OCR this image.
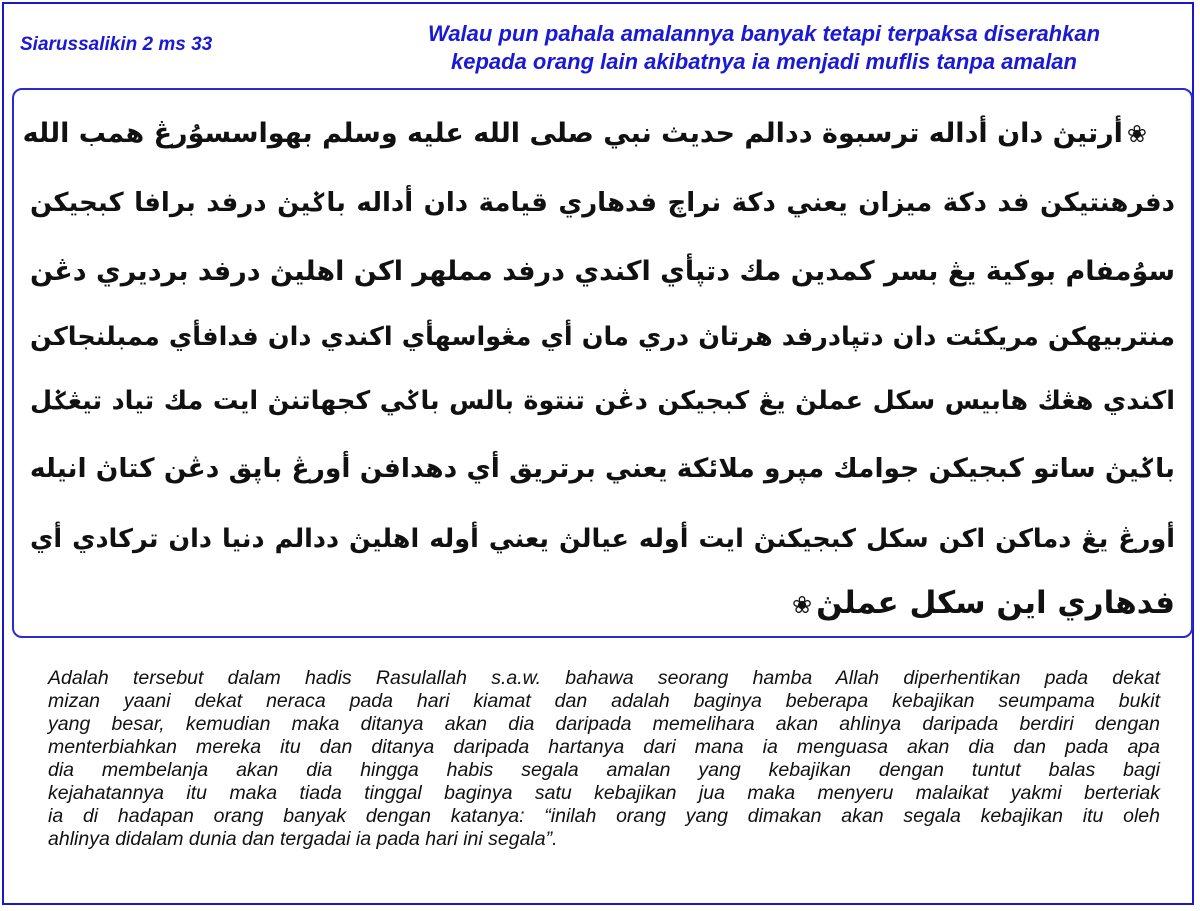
Siarussalikin 2 ms 33	Walau pun pahala amalannya banyak tetapi terpaksa diserahkan
kepada orang lain akibatnya ia menjadi muflis tanpa amalan
❀أرتيڽ دان أداله ترسبوة ددالم حديث نبي صلى الله عليه وسلم بهواسسوُرڠ همب الله
دفرهنتيكن فد دكة ميزان يعني دكة نراچ فدهاري قيامة دان أداله باݢيڽ درفد برافا كبجيكن
سوُمفام بوكية يڠ بسر كمدين مك دتپأي اكندي درفد مملهر اكن اهليڽ درفد برديري دڠن
منتربيهكن مريكئت دان دتپادرفد هرتاڽ دري مان أي مڠواسهأي اكندي دان فدافأي ممبلنجاكن
اكندي هڠڬ هابيس سکل عملڽ يڠ كبجيكن دڠن تنتوة بالس باݢي كجهاتنڽ ايت مك تياد تيڠݢل
باݢيڽ ساتو كبجيكن جوامك مپرو ملائكة يعني برتريق أي دهدافن أورڠ باپق دڠن كتاڽ انيله
أورڠ يڠ دماكن اكن سکل كبجيكنڽ ايت أوله عيالڽ يعني أوله اهليڽ ددالم دنيا دان تركادي أي
فدهاري اين سکل عملڽ❀
Adalah tersebut dalam hadis Rasulallah s.a.w. bahawa seorang hamba Allah diperhentikan pada dekat
mizan yaani dekat neraca pada hari kiamat dan adalah baginya beberapa kebajikan seumpama bukit
yang besar, kemudian maka ditanya akan dia daripada memelihara akan ahlinya daripada berdiri dengan
menterbiahkan mereka itu dan ditanya daripada hartanya dari mana ia menguasa akan dia dan pada apa
dia membelanja akan dia hingga habis segala amalan yang kebajikan dengan tuntut balas bagi
kejahatannya itu maka tiada tinggal baginya satu kebajikan jua maka menyeru malaikat yakmi berteriak
ia di hadapan orang banyak dengan katanya: “inilah orang yang dimakan akan segala kebajikan itu oleh
ahlinya didalam dunia dan tergadai ia pada hari ini segala”.
